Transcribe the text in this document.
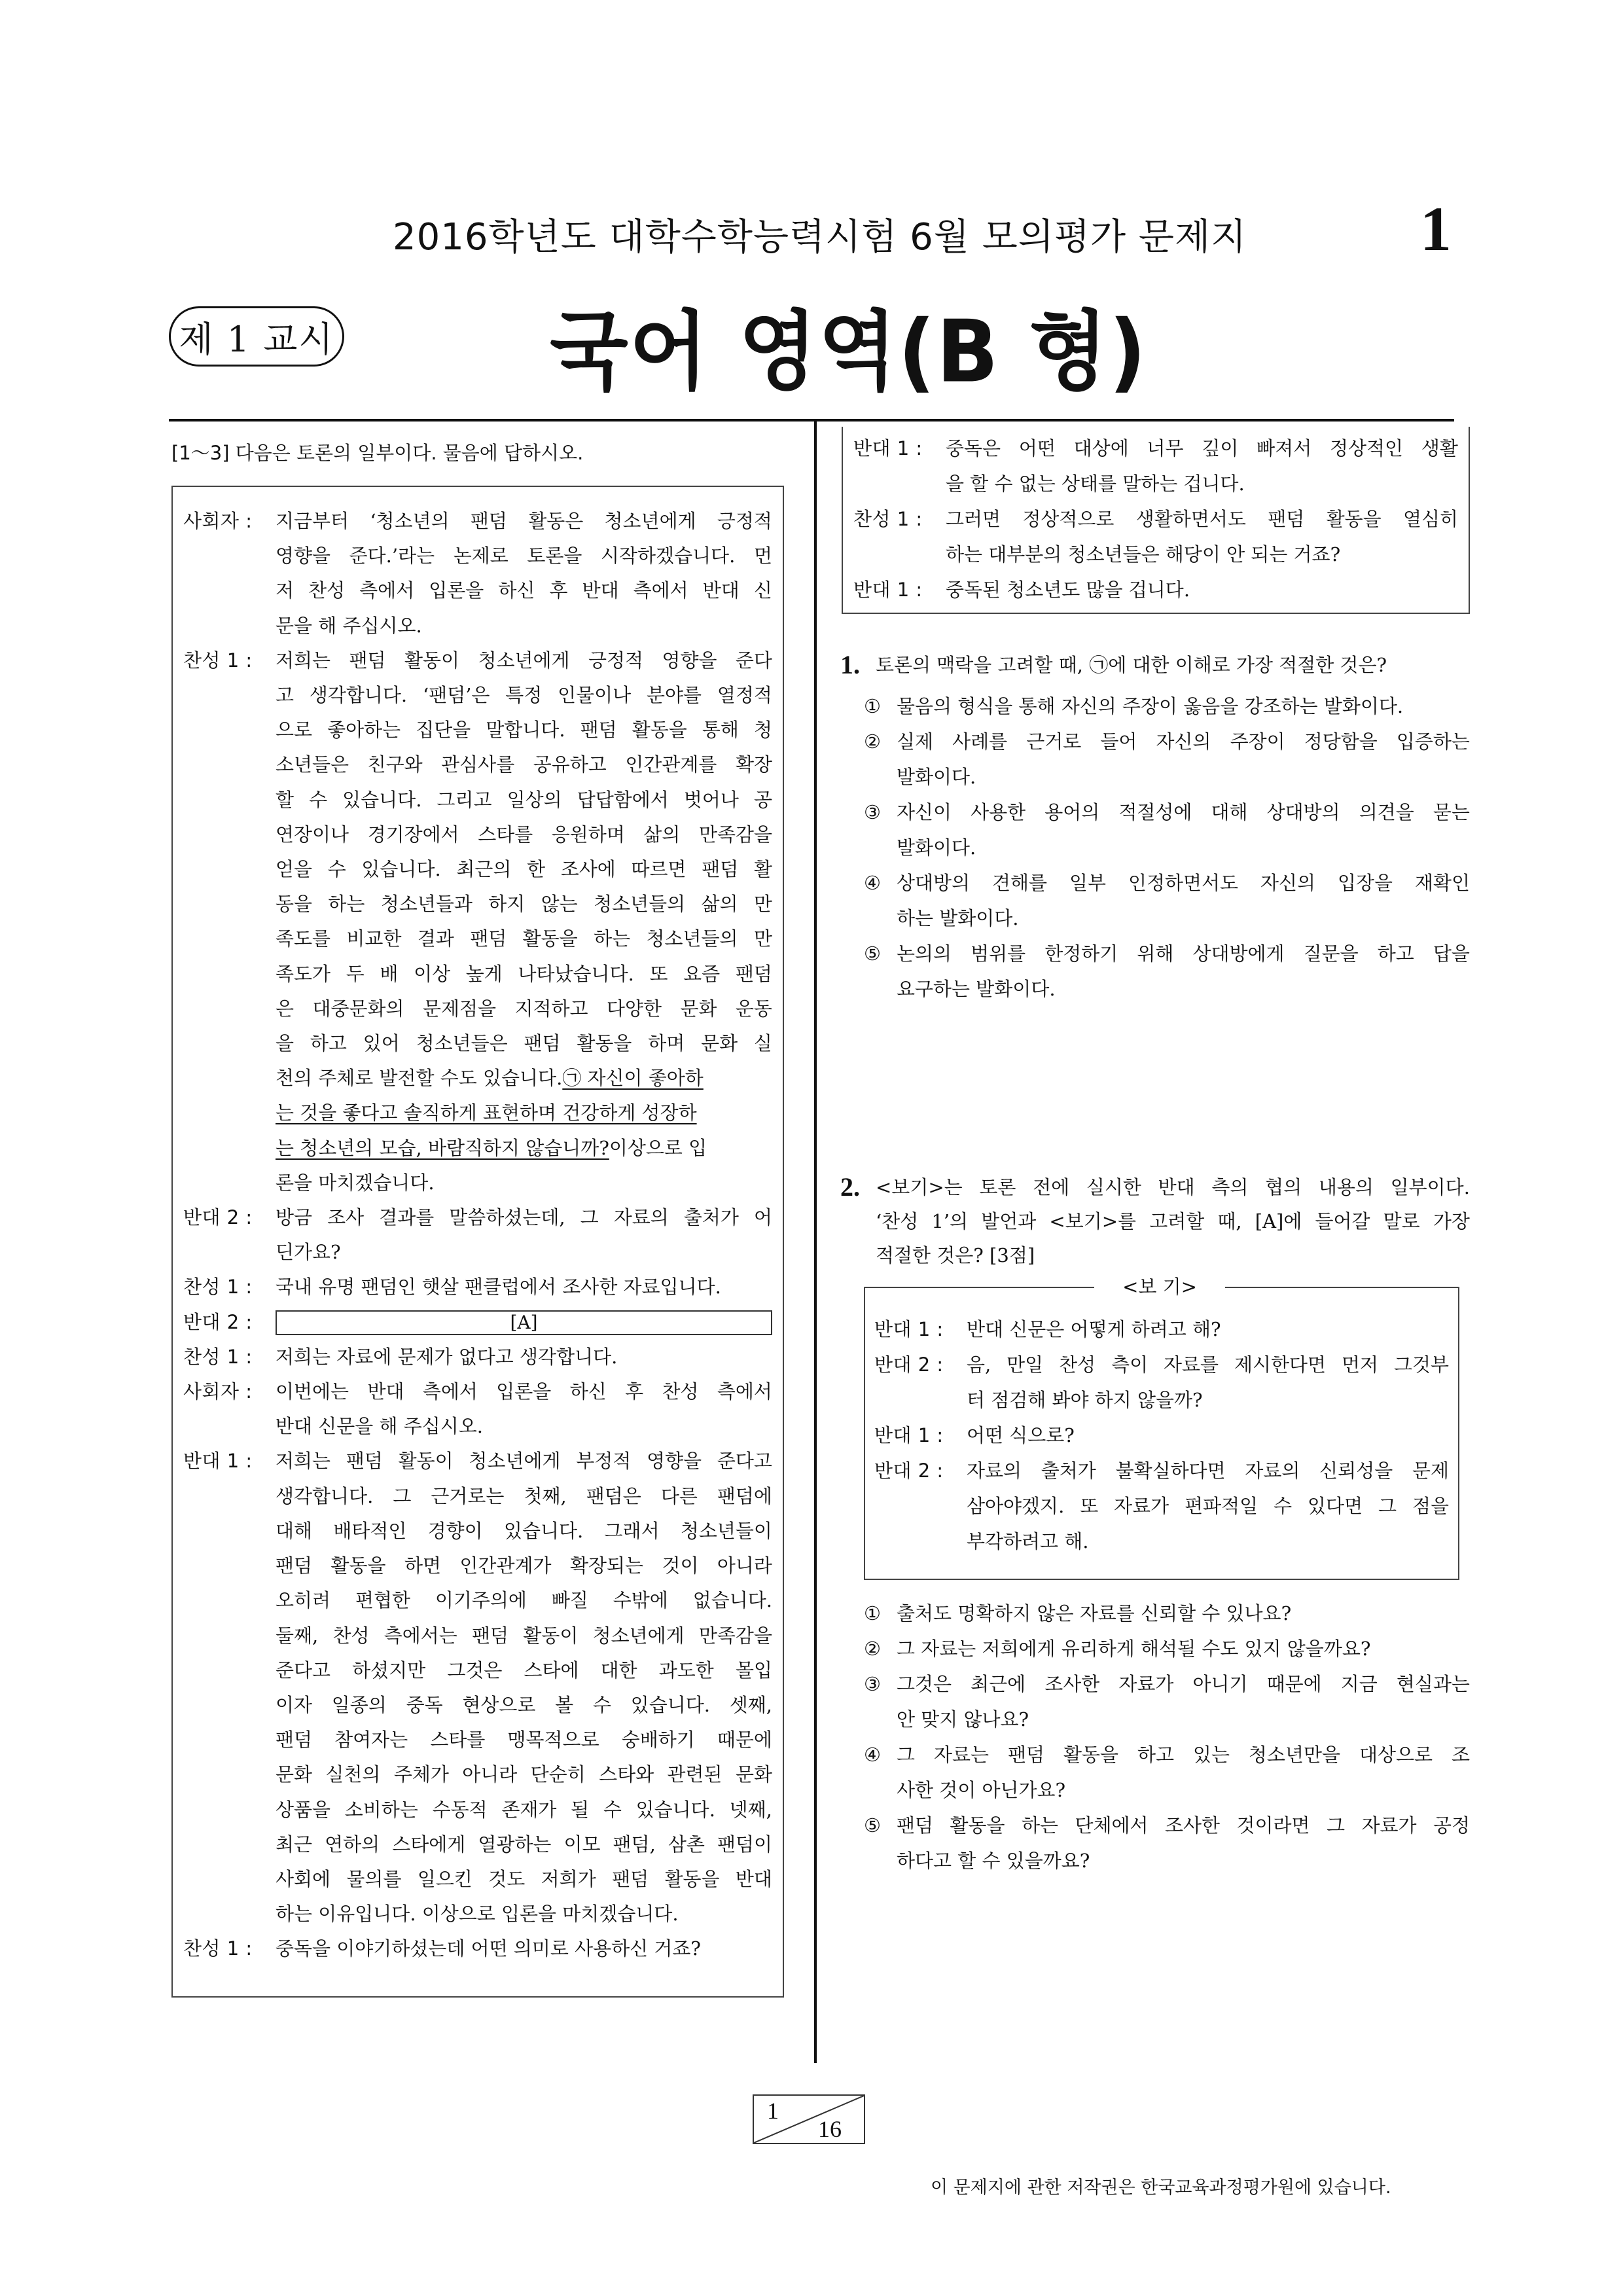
2016학년도 대학수학능력시험 6월 모의평가 문제지	1
제 1 교시	국어 영역(B 형)
[1～3] 다음은 토론의 일부이다. 물음에 답하시오.
사회자 :	지금부터 ‘청소년의 팬덤 활동은 청소년에게 긍정적
영향을 준다.’라는 논제로 토론을 시작하겠습니다. 먼
저 찬성 측에서 입론을 하신 후 반대 측에서 반대 신
문을 해 주십시오.
찬성 1 :	저희는 팬덤 활동이 청소년에게 긍정적 영향을 준다
고 생각합니다. ‘팬덤’은 특정 인물이나 분야를 열정적
으로 좋아하는 집단을 말합니다. 팬덤 활동을 통해 청
소년들은 친구와 관심사를 공유하고 인간관계를 확장
할 수 있습니다. 그리고 일상의 답답함에서 벗어나 공
연장이나 경기장에서 스타를 응원하며 삶의 만족감을
얻을 수 있습니다. 최근의 한 조사에 따르면 팬덤 활
동을 하는 청소년들과 하지 않는 청소년들의 삶의 만
족도를 비교한 결과 팬덤 활동을 하는 청소년들의 만
족도가 두 배 이상 높게 나타났습니다. 또 요즘 팬덤
은 대중문화의 문제점을 지적하고 다양한 문화 운동
을 하고 있어 청소년들은 팬덤 활동을 하며 문화 실
천의 주체로 발전할 수도 있습니다. ㉠ 자신이 좋아하
는 것을 좋다고 솔직하게 표현하며 건강하게 성장하
는 청소년의 모습, 바람직하지 않습니까? 이상으로 입
론을 마치겠습니다.
반대 2 :	방금 조사 결과를 말씀하셨는데, 그 자료의 출처가 어
딘가요?
찬성 1 :	국내 유명 팬덤인 햇살 팬클럽에서 조사한 자료입니다.
반대 2 :	[A]
찬성 1 :	저희는 자료에 문제가 없다고 생각합니다.
사회자 :	이번에는 반대 측에서 입론을 하신 후 찬성 측에서
반대 신문을 해 주십시오.
반대 1 :	저희는 팬덤 활동이 청소년에게 부정적 영향을 준다고
생각합니다. 그 근거로는 첫째, 팬덤은 다른 팬덤에
대해 배타적인 경향이 있습니다. 그래서 청소년들이
팬덤 활동을 하면 인간관계가 확장되는 것이 아니라
오히려 편협한 이기주의에 빠질 수밖에 없습니다.
둘째, 찬성 측에서는 팬덤 활동이 청소년에게 만족감을
준다고 하셨지만 그것은 스타에 대한 과도한 몰입
이자 일종의 중독 현상으로 볼 수 있습니다. 셋째,
팬덤 참여자는 스타를 맹목적으로 숭배하기 때문에
문화 실천의 주체가 아니라 단순히 스타와 관련된 문화
상품을 소비하는 수동적 존재가 될 수 있습니다. 넷째,
최근 연하의 스타에게 열광하는 이모 팬덤, 삼촌 팬덤이
사회에 물의를 일으킨 것도 저희가 팬덤 활동을 반대
하는 이유입니다. 이상으로 입론을 마치겠습니다.
찬성 1 :	중독을 이야기하셨는데 어떤 의미로 사용하신 거죠?
반대 1 :	중독은 어떤 대상에 너무 깊이 빠져서 정상적인 생활
을 할 수 없는 상태를 말하는 겁니다.
찬성 1 :	그러면 정상적으로 생활하면서도 팬덤 활동을 열심히
하는 대부분의 청소년들은 해당이 안 되는 거죠?
반대 1 :	중독된 청소년도 많을 겁니다.
1. 토론의 맥락을 고려할 때, ㉠에 대한 이해로 가장 적절한 것은?
① 물음의 형식을 통해 자신의 주장이 옳음을 강조하는 발화이다.
② 실제 사례를 근거로 들어 자신의 주장이 정당함을 입증하는
발화이다.
③ 자신이 사용한 용어의 적절성에 대해 상대방의 의견을 묻는
발화이다.
④ 상대방의 견해를 일부 인정하면서도 자신의 입장을 재확인
하는 발화이다.
⑤ 논의의 범위를 한정하기 위해 상대방에게 질문을 하고 답을
요구하는 발화이다.
2. <보기>는 토론 전에 실시한 반대 측의 협의 내용의 일부이다.
‘찬성 1’의 발언과 <보기>를 고려할 때, [A]에 들어갈 말로 가장
적절한 것은? [3점]
<보 기>
반대 1 :	반대 신문은 어떻게 하려고 해?
반대 2 :	음, 만일 찬성 측이 자료를 제시한다면 먼저 그것부
터 점검해 봐야 하지 않을까?
반대 1 :	어떤 식으로?
반대 2 :	자료의 출처가 불확실하다면 자료의 신뢰성을 문제
삼아야겠지. 또 자료가 편파적일 수 있다면 그 점을
부각하려고 해.
① 출처도 명확하지 않은 자료를 신뢰할 수 있나요?
② 그 자료는 저희에게 유리하게 해석될 수도 있지 않을까요?
③ 그것은 최근에 조사한 자료가 아니기 때문에 지금 현실과는
안 맞지 않나요?
④ 그 자료는 팬덤 활동을 하고 있는 청소년만을 대상으로 조
사한 것이 아닌가요?
⑤ 팬덤 활동을 하는 단체에서 조사한 것이라면 그 자료가 공정
하다고 할 수 있을까요?
1
16
이 문제지에 관한 저작권은 한국교육과정평가원에 있습니다.
